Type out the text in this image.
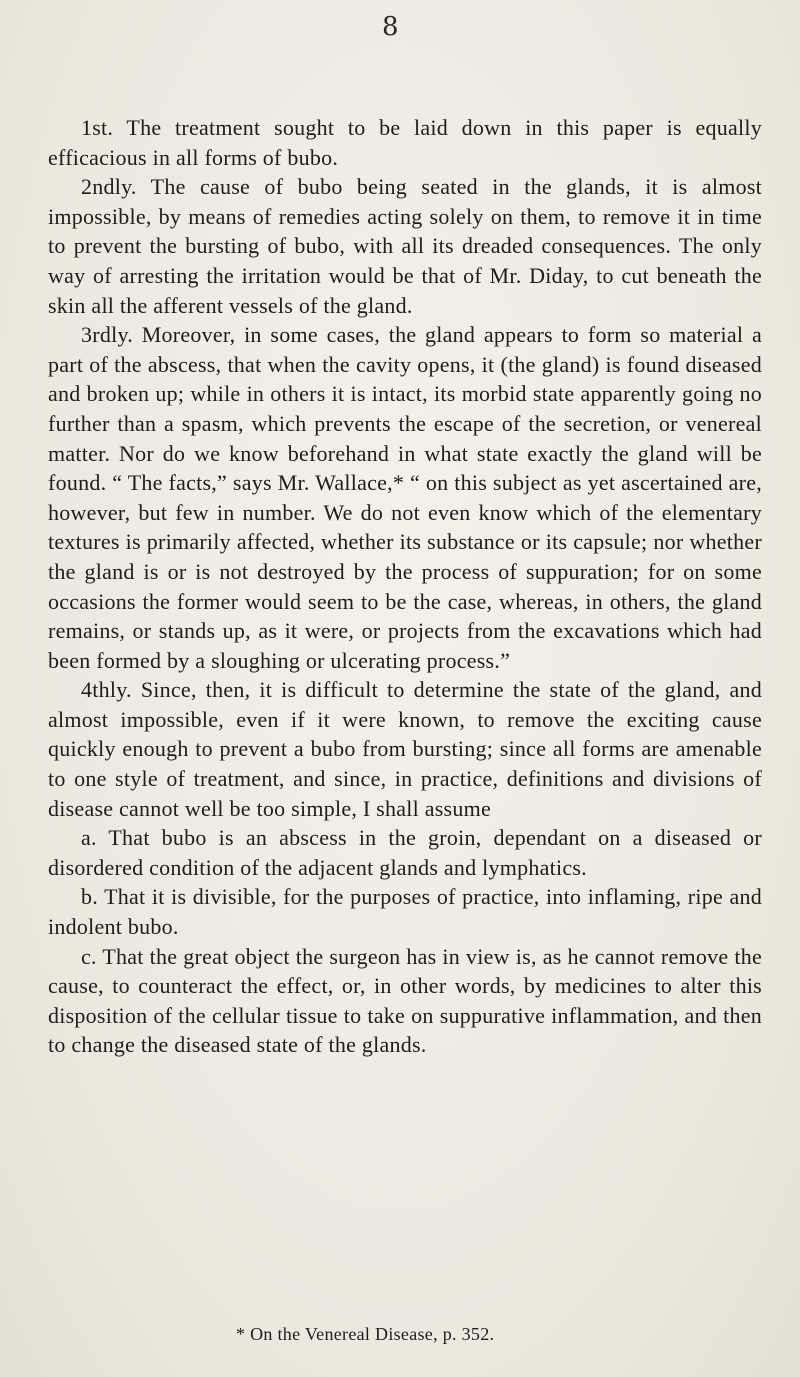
8

1st. The treatment sought to be laid down in this paper is equally efficacious in all forms of bubo.

2ndly. The cause of bubo being seated in the glands, it is almost impossible, by means of remedies acting solely on them, to remove it in time to prevent the bursting of bubo, with all its dreaded consequences. The only way of arresting the irritation would be that of Mr. Diday, to cut beneath the skin all the afferent vessels of the gland.

3rdly. Moreover, in some cases, the gland appears to form so material a part of the abscess, that when the cavity opens, it (the gland) is found diseased and broken up; while in others it is intact, its morbid state apparently going no further than a spasm, which prevents the escape of the secretion, or venereal matter. Nor do we know beforehand in what state exactly the gland will be found. “ The facts,” says Mr. Wallace,* “ on this subject as yet ascertained are, however, but few in number. We do not even know which of the elementary textures is primarily affected, whether its substance or its capsule; nor whether the gland is or is not destroyed by the process of suppuration; for on some occasions the former would seem to be the case, whereas, in others, the gland remains, or stands up, as it were, or projects from the excavations which had been formed by a sloughing or ulcerating process.”

4thly. Since, then, it is difficult to determine the state of the gland, and almost impossible, even if it were known, to remove the exciting cause quickly enough to prevent a bubo from bursting; since all forms are amenable to one style of treatment, and since, in practice, definitions and divisions of disease cannot well be too simple, I shall assume

a. That bubo is an abscess in the groin, dependant on a diseased or disordered condition of the adjacent glands and lymphatics.

b. That it is divisible, for the purposes of practice, into inflaming, ripe and indolent bubo.

c. That the great object the surgeon has in view is, as he cannot remove the cause, to counteract the effect, or, in other words, by medicines to alter this disposition of the cellular tissue to take on suppurative inflammation, and then to change the diseased state of the glands.

* On the Venereal Disease, p. 352.
